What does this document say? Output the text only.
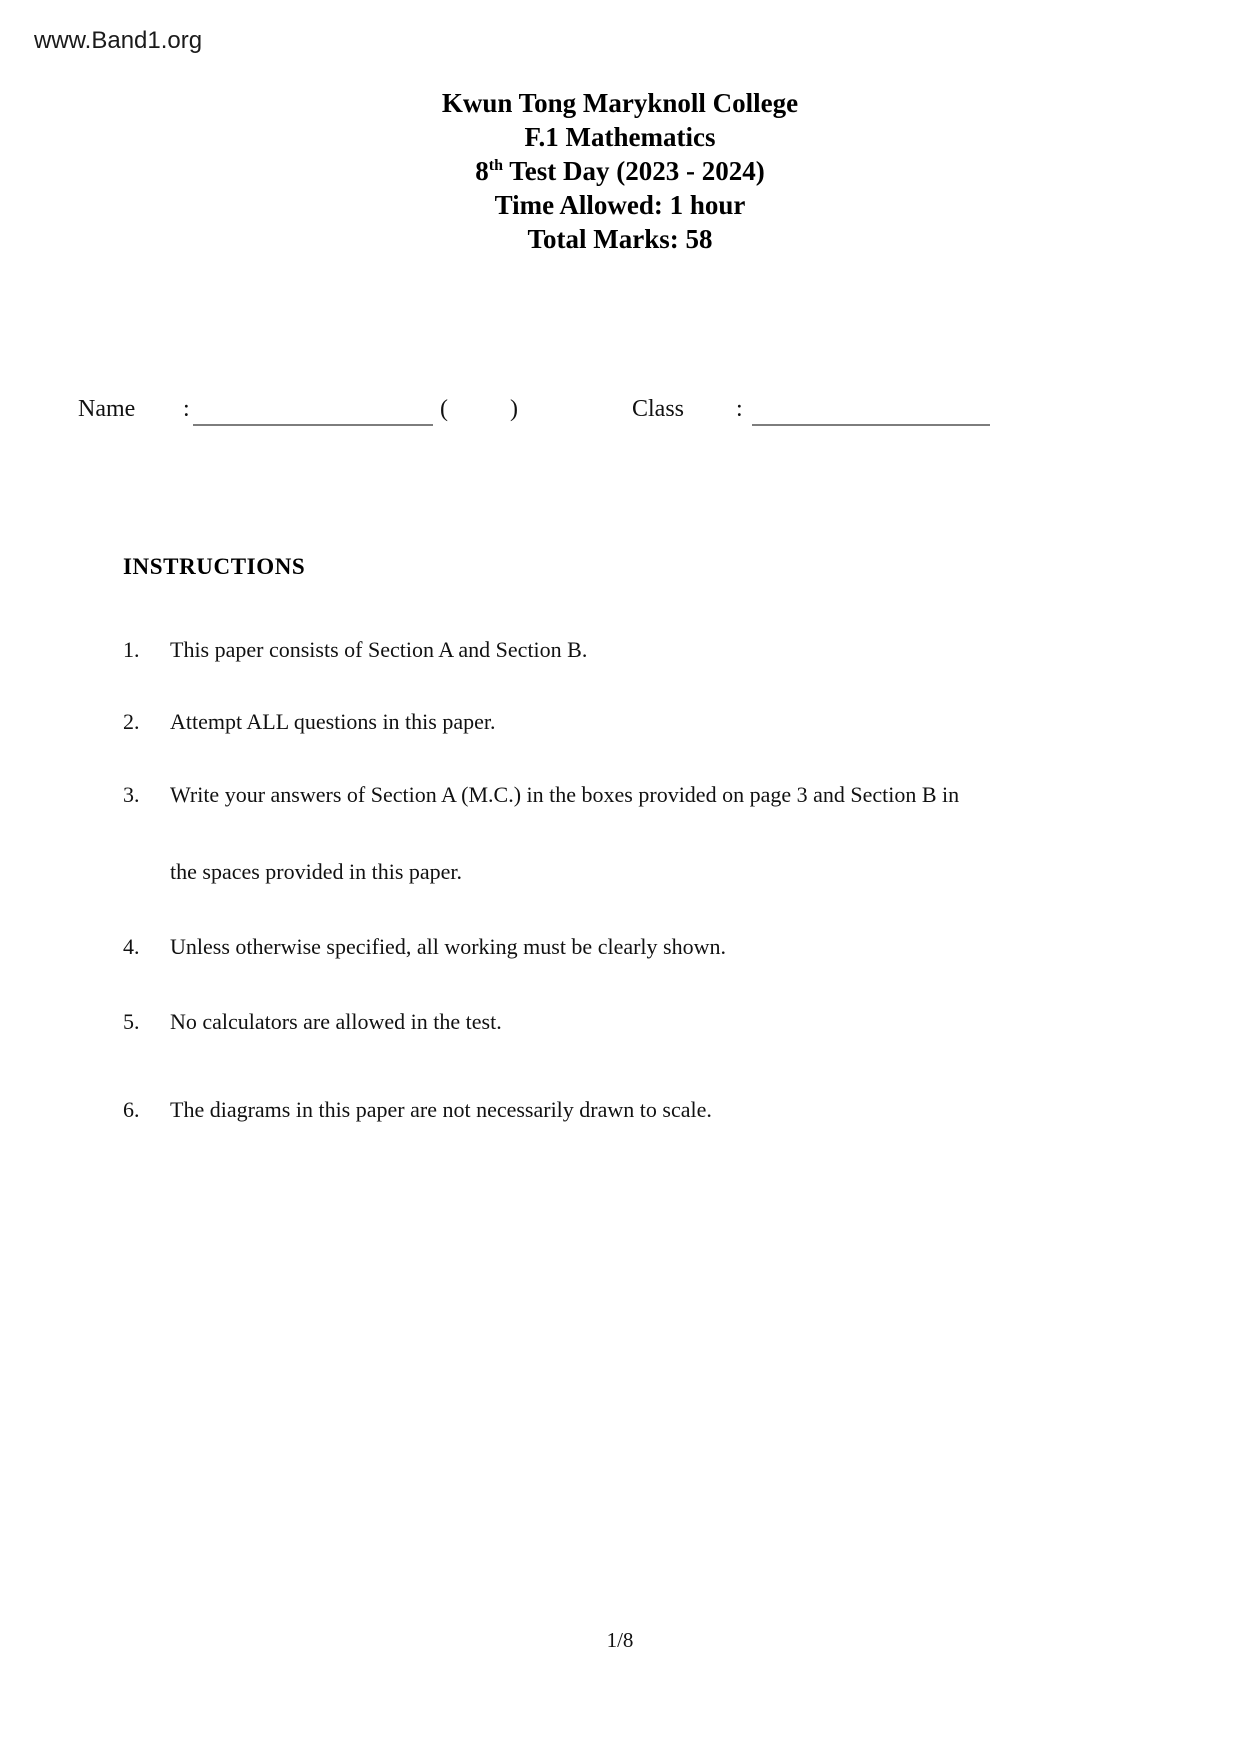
www.Band1.org
Kwun Tong Maryknoll College
F.1 Mathematics
8th Test Day (2023 - 2024)
Time Allowed: 1 hour
Total Marks: 58
Name :	(	)	Class :
INSTRUCTIONS
1. This paper consists of Section A and Section B.
2. Attempt ALL questions in this paper.
3. Write your answers of Section A (M.C.) in the boxes provided on page 3 and Section B in
the spaces provided in this paper.
4. Unless otherwise specified, all working must be clearly shown.
5. No calculators are allowed in the test.
6. The diagrams in this paper are not necessarily drawn to scale.
1/8
